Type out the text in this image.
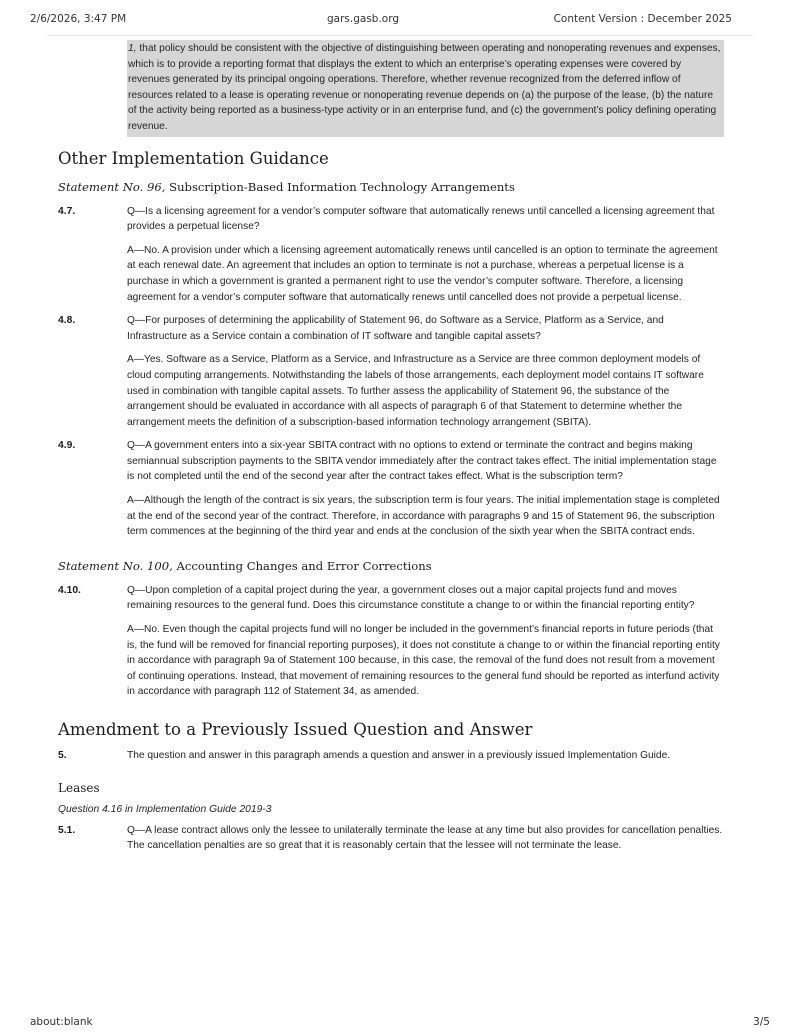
2/6/2026, 3:47 PM	gars.gasb.org	Content Version : December 2025
1, that policy should be consistent with the objective of distinguishing between operating and nonoperating revenues and expenses, which is to provide a reporting format that displays the extent to which an enterprise’s operating expenses were covered by revenues generated by its principal ongoing operations. Therefore, whether revenue recognized from the deferred inflow of resources related to a lease is operating revenue or nonoperating revenue depends on (a) the purpose of the lease, (b) the nature of the activity being reported as a business-type activity or in an enterprise fund, and (c) the government’s policy defining operating revenue.
Other Implementation Guidance
Statement No. 96, Subscription-Based Information Technology Arrangements
4.7.	Q—Is a licensing agreement for a vendor’s computer software that automatically renews until cancelled a licensing agreement that provides a perpetual license?

A—No. A provision under which a licensing agreement automatically renews until cancelled is an option to terminate the agreement at each renewal date. An agreement that includes an option to terminate is not a purchase, whereas a perpetual license is a purchase in which a government is granted a permanent right to use the vendor’s computer software. Therefore, a licensing agreement for a vendor’s computer software that automatically renews until cancelled does not provide a perpetual license.

4.8.	Q—For purposes of determining the applicability of Statement 96, do Software as a Service, Platform as a Service, and Infrastructure as a Service contain a combination of IT software and tangible capital assets?

A—Yes. Software as a Service, Platform as a Service, and Infrastructure as a Service are three common deployment models of cloud computing arrangements. Notwithstanding the labels of those arrangements, each deployment model contains IT software used in combination with tangible capital assets. To further assess the applicability of Statement 96, the substance of the arrangement should be evaluated in accordance with all aspects of paragraph 6 of that Statement to determine whether the arrangement meets the definition of a subscription-based information technology arrangement (SBITA).

4.9.	Q—A government enters into a six-year SBITA contract with no options to extend or terminate the contract and begins making semiannual subscription payments to the SBITA vendor immediately after the contract takes effect. The initial implementation stage is not completed until the end of the second year after the contract takes effect. What is the subscription term?

A—Although the length of the contract is six years, the subscription term is four years. The initial implementation stage is completed at the end of the second year of the contract. Therefore, in accordance with paragraphs 9 and 15 of Statement 96, the subscription term commences at the beginning of the third year and ends at the conclusion of the sixth year when the SBITA contract ends.

Statement No. 100, Accounting Changes and Error Corrections
4.10.	Q—Upon completion of a capital project during the year, a government closes out a major capital projects fund and moves remaining resources to the general fund. Does this circumstance constitute a change to or within the financial reporting entity?

A—No. Even though the capital projects fund will no longer be included in the government’s financial reports in future periods (that is, the fund will be removed for financial reporting purposes), it does not constitute a change to or within the financial reporting entity in accordance with paragraph 9a of Statement 100 because, in this case, the removal of the fund does not result from a movement of continuing operations. Instead, that movement of remaining resources to the general fund should be reported as interfund activity in accordance with paragraph 112 of Statement 34, as amended.

Amendment to a Previously Issued Question and Answer
5.	The question and answer in this paragraph amends a question and answer in a previously issued Implementation Guide.

Leases
Question 4.16 in Implementation Guide 2019-3
5.1.	Q—A lease contract allows only the lessee to unilaterally terminate the lease at any time but also provides for cancellation penalties. The cancellation penalties are so great that it is reasonably certain that the lessee will not terminate the lease.

about:blank	3/5
